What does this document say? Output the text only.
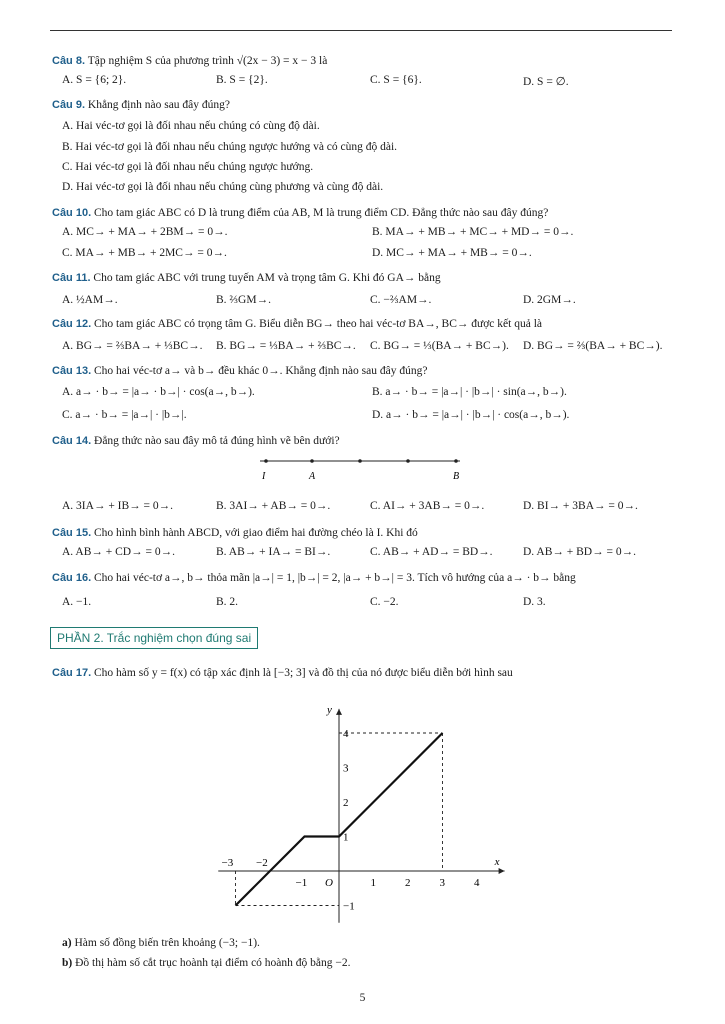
Câu 8. Tập nghiệm S của phương trình √(2x − 3) = x − 3 là
A. S = {6; 2}.	B. S = {2}.	C. S = {6}.	D. S = ∅.
Câu 9. Khẳng định nào sau đây đúng?
A. Hai véc-tơ gọi là đối nhau nếu chúng có cùng độ dài.
B. Hai véc-tơ gọi là đối nhau nếu chúng ngược hướng và có cùng độ dài.
C. Hai véc-tơ gọi là đối nhau nếu chúng ngược hướng.
D. Hai véc-tơ gọi là đối nhau nếu chúng cùng phương và cùng độ dài.
Câu 10. Cho tam giác ABC có D là trung điểm của AB, M là trung điểm CD. Đẳng thức nào sau đây đúng?
A. MC→ + MA→ + 2BM→ = 0→.	B. MA→ + MB→ + MC→ + MD→ = 0→.
C. MA→ + MB→ + 2MC→ = 0→.	D. MC→ + MA→ + MB→ = 0→.
Câu 11. Cho tam giác ABC với trung tuyến AM và trọng tâm G. Khi đó GA→ bằng
A. ½AM→.	B. ⅔GM→.	C. −⅔AM→.	D. 2GM→.
Câu 12. Cho tam giác ABC có trọng tâm G. Biểu diễn BG→ theo hai véc-tơ BA→, BC→ được kết quả là
A. BG→ = ⅔BA→ + ⅓BC→. B. BG→ = ⅓BA→ + ⅔BC→. C. BG→ = ⅓(BA→ + BC→). D. BG→ = ⅔(BA→ + BC→).
Câu 13. Cho hai véc-tơ a→ và b→ đều khác 0→. Khẳng định nào sau đây đúng?
A. a→ · b→ = |a→ · b→| · cos(a→, b→).	B. a→ · b→ = |a→| · |b→| · sin(a→, b→).
C. a→ · b→ = |a→| · |b→|.	D. a→ · b→ = |a→| · |b→| · cos(a→, b→).
Câu 14. Đẳng thức nào sau đây mô tả đúng hình vẽ bên dưới?
I	A	B
A. 3IA→ + IB→ = 0→.	B. 3AI→ + AB→ = 0→.	C. AI→ + 3AB→ = 0→.	D. BI→ + 3BA→ = 0→.
Câu 15. Cho hình bình hành ABCD, với giao điểm hai đường chéo là I. Khi đó
A. AB→ + CD→ = 0→.	B. AB→ + IA→ = BI→.	C. AB→ + AD→ = BD→.	D. AB→ + BD→ = 0→.
Câu 16. Cho hai véc-tơ a→, b→ thỏa mãn |a→| = 1, |b→| = 2, |a→ + b→| = 3. Tích vô hướng của a→ · b→ bằng
A. −1.	B. 2.	C. −2.	D. 3.
PHẦN 2. Trắc nghiệm chọn đúng sai
Câu 17. Cho hàm số y = f(x) có tập xác định là [−3; 3] và đồ thị của nó được biểu diễn bởi hình sau
x
y
−3 −2
−1 O	1	2	3	4
1
2
3
4
−1
a) Hàm số đồng biến trên khoảng (−3; −1).
b) Đồ thị hàm số cắt trục hoành tại điểm có hoành độ bằng −2.
5
